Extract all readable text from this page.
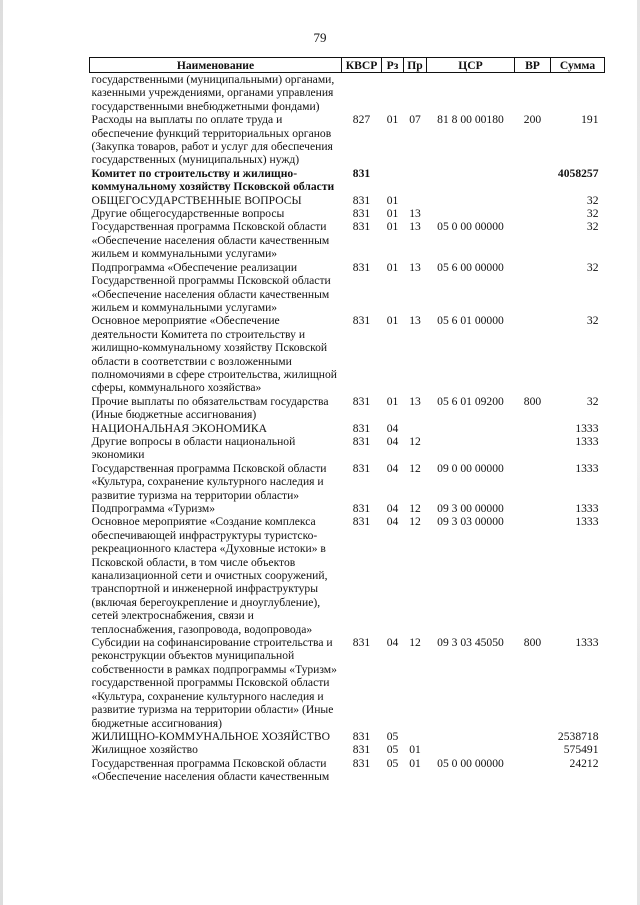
79
Наименование	КВСР	Рз	Пр	ЦСР	ВР	Сумма
государственными (муниципальными) органами, казенными учреждениями, органами управления государственными внебюджетными фондами)						
Расходы на выплаты по оплате труда и обеспечение функций территориальных органов (Закупка товаров, работ и услуг для обеспечения государственных (муниципальных) нужд)	827	01	07	81 8 00 00180	200	191
Комитет по строительству и жилищно-коммунальному хозяйству Псковской области	831					4058257
ОБЩЕГОСУДАРСТВЕННЫЕ ВОПРОСЫ	831	01				32
Другие общегосударственные вопросы	831	01	13			32
Государственная программа Псковской области «Обеспечение населения области качественным жильем и коммунальными услугами»	831	01	13	05 0 00 00000		32
Подпрограмма «Обеспечение реализации Государственной программы Псковской области «Обеспечение населения области качественным жильем и коммунальными услугами»	831	01	13	05 6 00 00000		32
Основное мероприятие «Обеспечение деятельности Комитета по строительству и жилищно-коммунальному хозяйству Псковской области в соответствии с возложенными полномочиями в сфере строительства, жилищной сферы, коммунального хозяйства»	831	01	13	05 6 01 00000		32
Прочие выплаты по обязательствам государства (Иные бюджетные ассигнования)	831	01	13	05 6 01 09200	800	32
НАЦИОНАЛЬНАЯ ЭКОНОМИКА	831	04				1333
Другие вопросы в области национальной экономики	831	04	12			1333
Государственная программа Псковской области «Культура, сохранение культурного наследия и развитие туризма на территории области»	831	04	12	09 0 00 00000		1333
Подпрограмма «Туризм»	831	04	12	09 3 00 00000		1333
Основное мероприятие «Создание комплекса обеспечивающей инфраструктуры туристско-рекреационного кластера «Духовные истоки» в Псковской области, в том числе объектов канализационной сети и очистных сооружений, транспортной и инженерной инфраструктуры (включая берегоукрепление и дноуглубление), сетей электроснабжения, связи и теплоснабжения, газопровода, водопровода»	831	04	12	09 3 03 00000		1333
Субсидии на софинансирование строительства и реконструкции объектов муниципальной собственности в рамках подпрограммы «Туризм» государственной программы Псковской области «Культура, сохранение культурного наследия и развитие туризма на территории области» (Иные бюджетные ассигнования)	831	04	12	09 3 03 45050	800	1333
ЖИЛИЩНО-КОММУНАЛЬНОЕ ХОЗЯЙСТВО	831	05				2538718
Жилищное хозяйство	831	05	01			575491
Государственная программа Псковской области «Обеспечение населения области качественным	831	05	01	05 0 00 00000		24212
